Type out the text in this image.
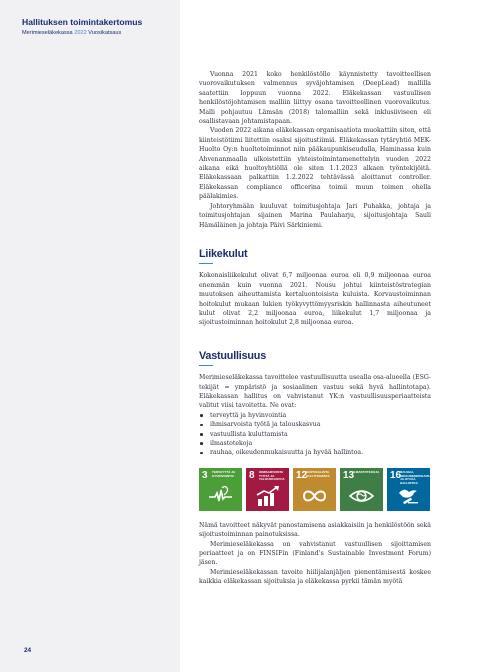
Hallituksen toimintakertomus
Merimieseläkekassa 2022 Vuosikatsaus
24

Vuonna 2021 koko henkilöstölle käynnistetty tavoitteellisen vuorovaikutuksen valmennus syväjohtamisen (DeepLead) mallilla saatettiin loppuun vuonna 2022. Eläkekassan vastuullisen henkilöstöjohtamisen malliin liittyy osana tavoitteellinen vuorovaikutus. Malli pohjautuu Lämsän (2018) talomalliin sekä inklusiiviseen eli osallistavaan johtamistapaan.

Vuoden 2022 aikana eläkekassan organisaatiota muokattiin siten, että kiinteistötiimi liitettiin osaksi sijoitustiimiä. Eläkekassan tytäryhtiö MEK-Huolto Oy:n huoltotoiminnot niin pääkaupunkiseudulla, Haminassa kuin Ahvenanmaalla ulkoistettiin yhteistoimintamenettelyin vuoden 2022 aikana eikä huoltoyhtiöllä ole siten 1.1.2023 alkaen työntekijöitä. Eläkekassaan palkattiin 1.2.2022 tehtävässä aloittanut controller. Eläkekassan compliance officerina toimii muun toimen ohella päälakimies.

Johtoryhmään kuuluvat toimitusjohtaja Jari Puhakka, johtaja ja toimitusjohtajan sijainen Marina Paulaharju, sijoitusjohtaja Sauli Hämäläinen ja johtaja Päivi Särkiniemi.

Liikekulut

Kokonaisliikekulut olivat 6,7 miljoonaa euroa eli 0,9 miljoonaa euroa enemmän kuin vuonna 2021. Nousu johtui kiinteistöstrategian muutoksen aiheuttamista kertaluontoisista kuluista. Korvaustoiminnan hoitokulut mukaan lukien työkyvyttömyysriskin hallinnasta aiheutuneet kulut olivat 2,2 miljoonaa euroa, liikekulut 1,7 miljoonaa ja sijoitustoiminnan hoitokulut 2,8 miljoonaa euroa.

Vastuullisuus

Merimieseläkekassa tavoittelee vastuullisuutta usealla osa-alueella (ESG-tekijät = ympäristö ja sosiaalinen vastuu sekä hyvä hallintotapa). Eläkekassan hallitus on vahvistanut YK:n vastuullisuusperiaatteista valitut viisi tavoitetta. Ne ovat:

terveyttä ja hyvinvointia
ihmisarvoista työtä ja talouskasvua
vastuullista kuluttamista
ilmastotekoja
rauhaa, oikeudenmukaisuutta ja hyvää hallintoa.
3 TERVEYTTÄ JA HYVINVOINTIA	8 IHMISARVOISTA TYÖTÄ JA TALOUSKASVUA 12
VASTUULLISTA KULUTTAMISTA	13
ILMASTOTEKOJA 16
RAUHAA, OIKEUDENMUKAISUUTTA JA HYVÄÄ HALLINTOA

Nämä tavoitteet näkyvät panostamisena asiakkaisiin ja henkilöstöön sekä sijoitustoiminnan painotuksissa.

Merimieseläkekassa on vahvistanut vastuullisen sijoittamisen periaatteet ja on FINSIFin (Finland’s Sustainable Investment Forum) jäsen.

Merimieseläkekassan tavoite hiilijalanjäljen pienentämisestä koskee kaikkia eläkekassan sijoituksia ja eläkekassa pyrkii tämän myötä
